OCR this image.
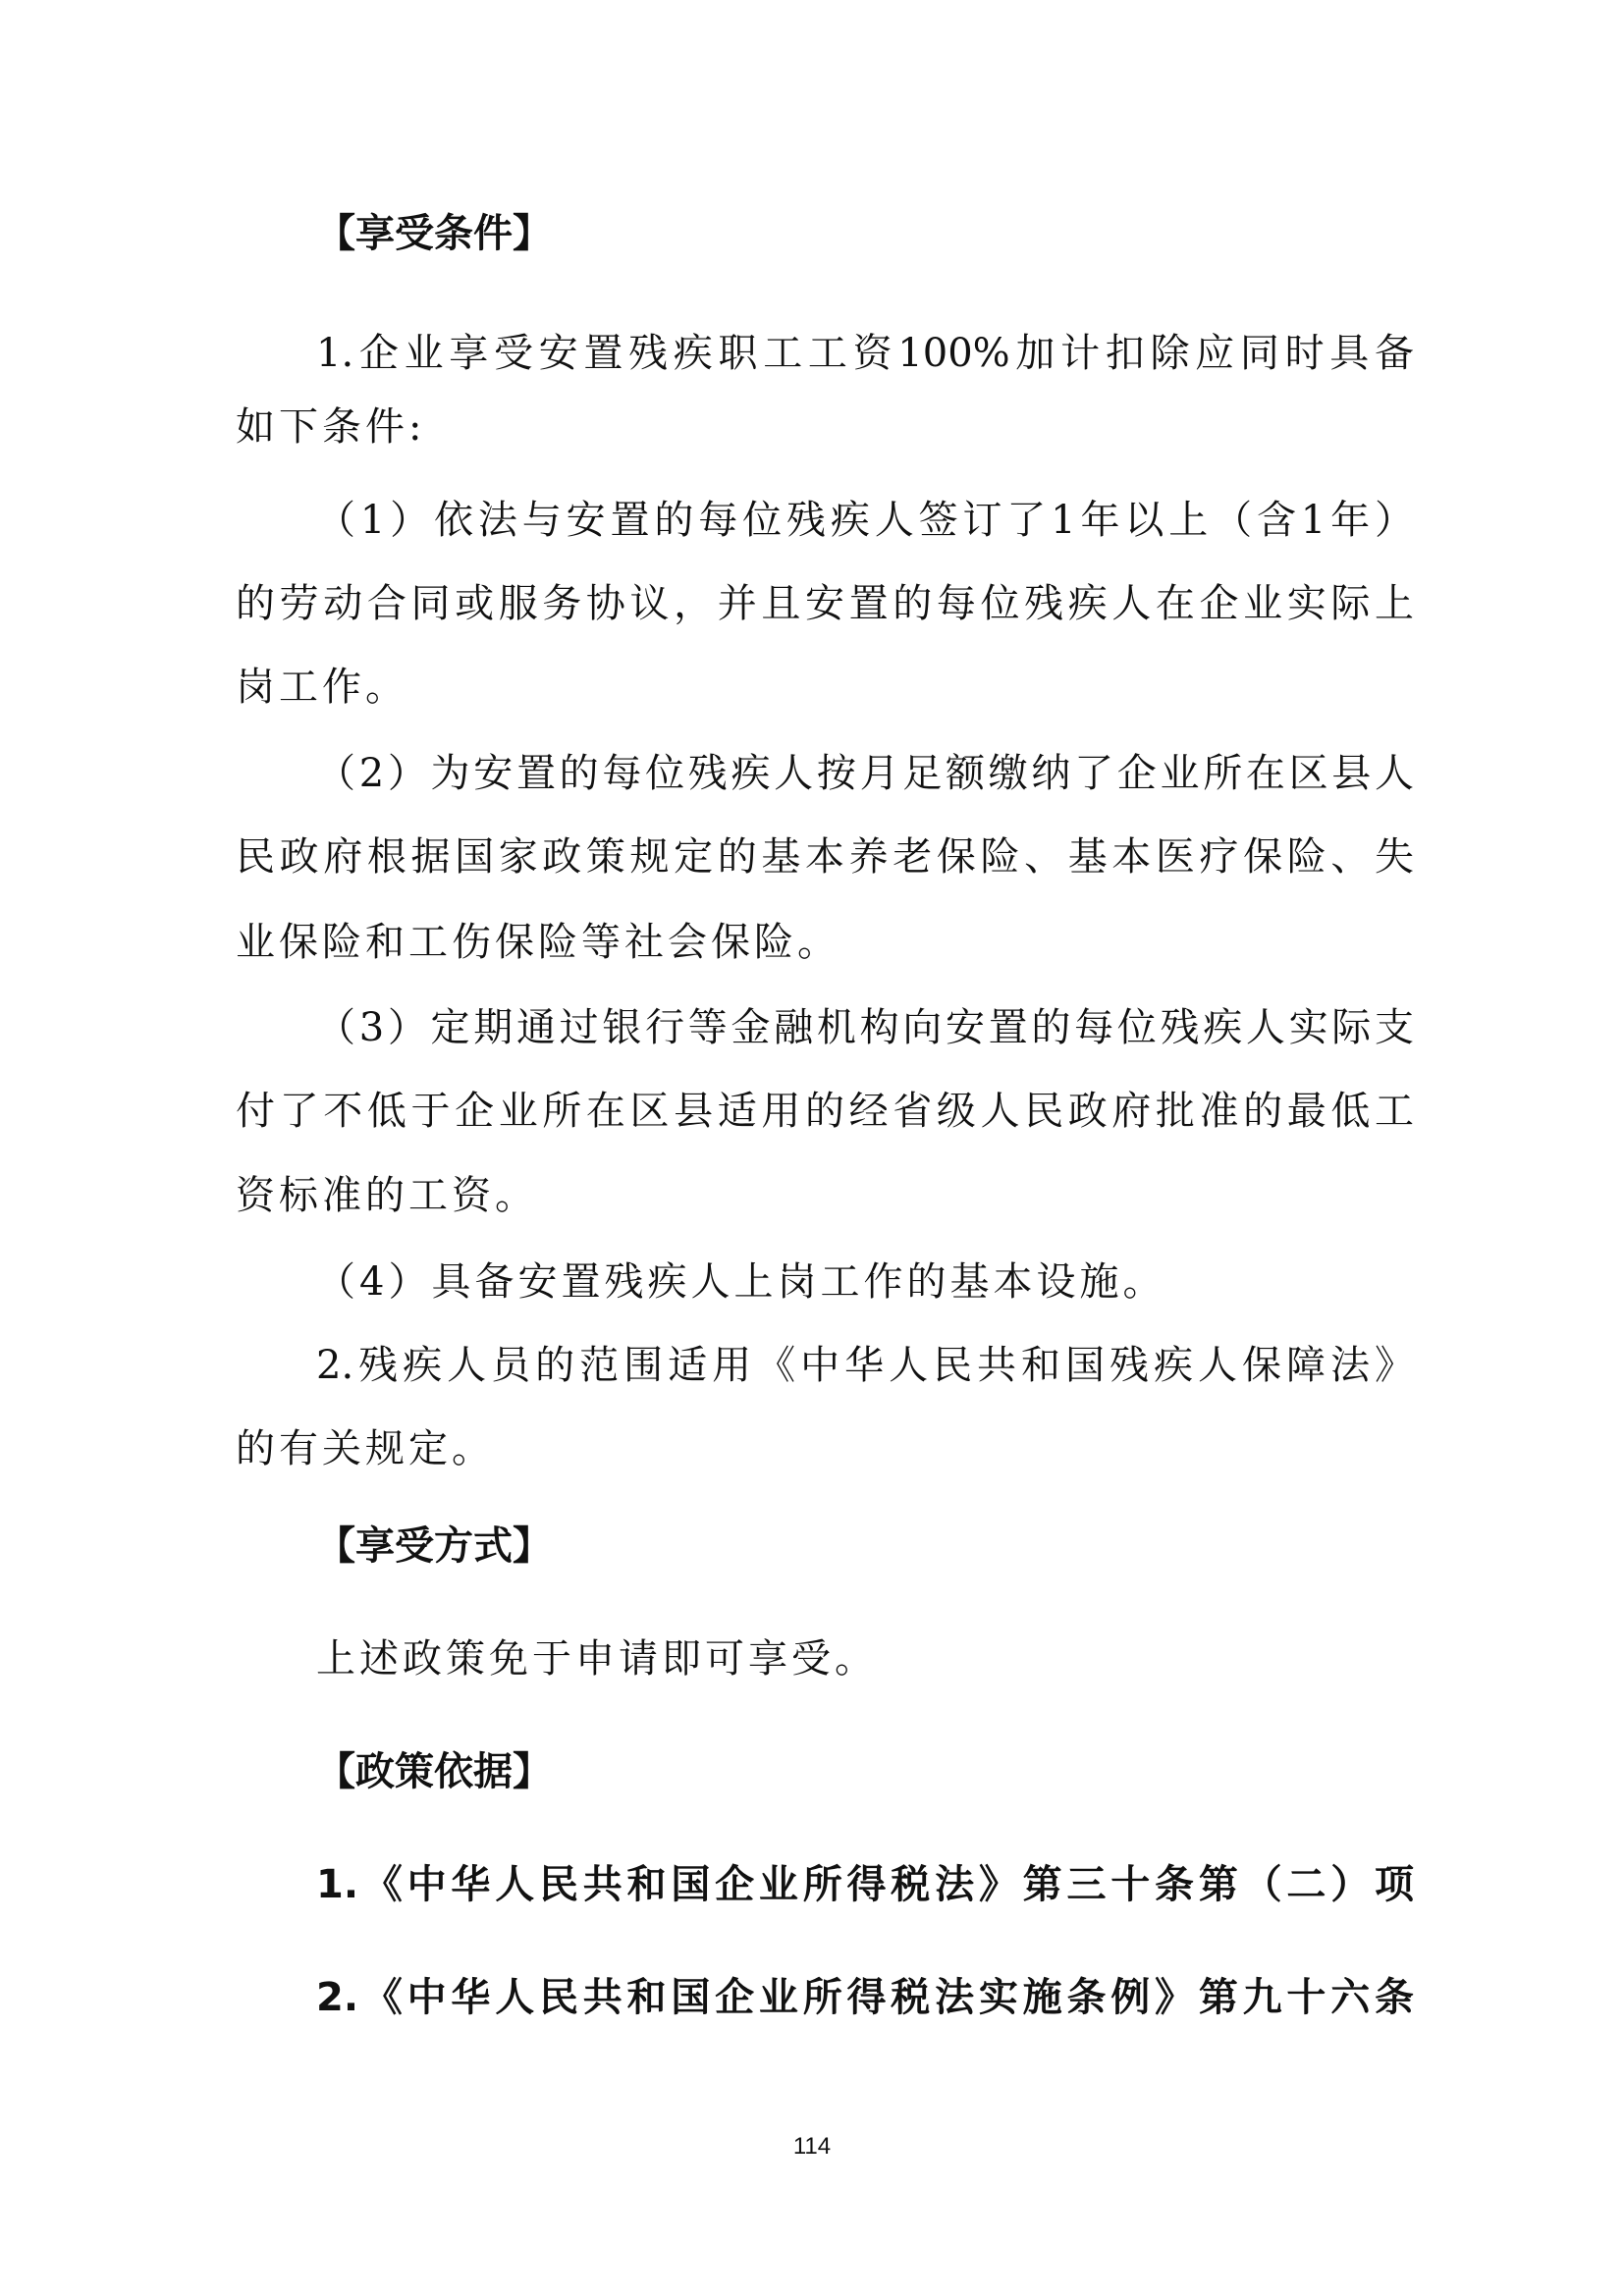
【享受条件】
1.企业享受安置残疾职工工资100%加计扣除应同时具备
如下条件:
（1）依法与安置的每位残疾人签订了1年以上（含1年）
的劳动合同或服务协议，并且安置的每位残疾人在企业实际上
岗工作。
（2）为安置的每位残疾人按月足额缴纳了企业所在区县人
民政府根据国家政策规定的基本养老保险、基本医疗保险、失
业保险和工伤保险等社会保险。
（3）定期通过银行等金融机构向安置的每位残疾人实际支
付了不低于企业所在区县适用的经省级人民政府批准的最低工
资标准的工资。
（4）具备安置残疾人上岗工作的基本设施。
2.残疾人员的范围适用《中华人民共和国残疾人保障法》
的有关规定。
【享受方式】
上述政策免于申请即可享受。
【政策依据】
1.《中华人民共和国企业所得税法》第三十条第（二）项
2.《中华人民共和国企业所得税法实施条例》第九十六条
114
